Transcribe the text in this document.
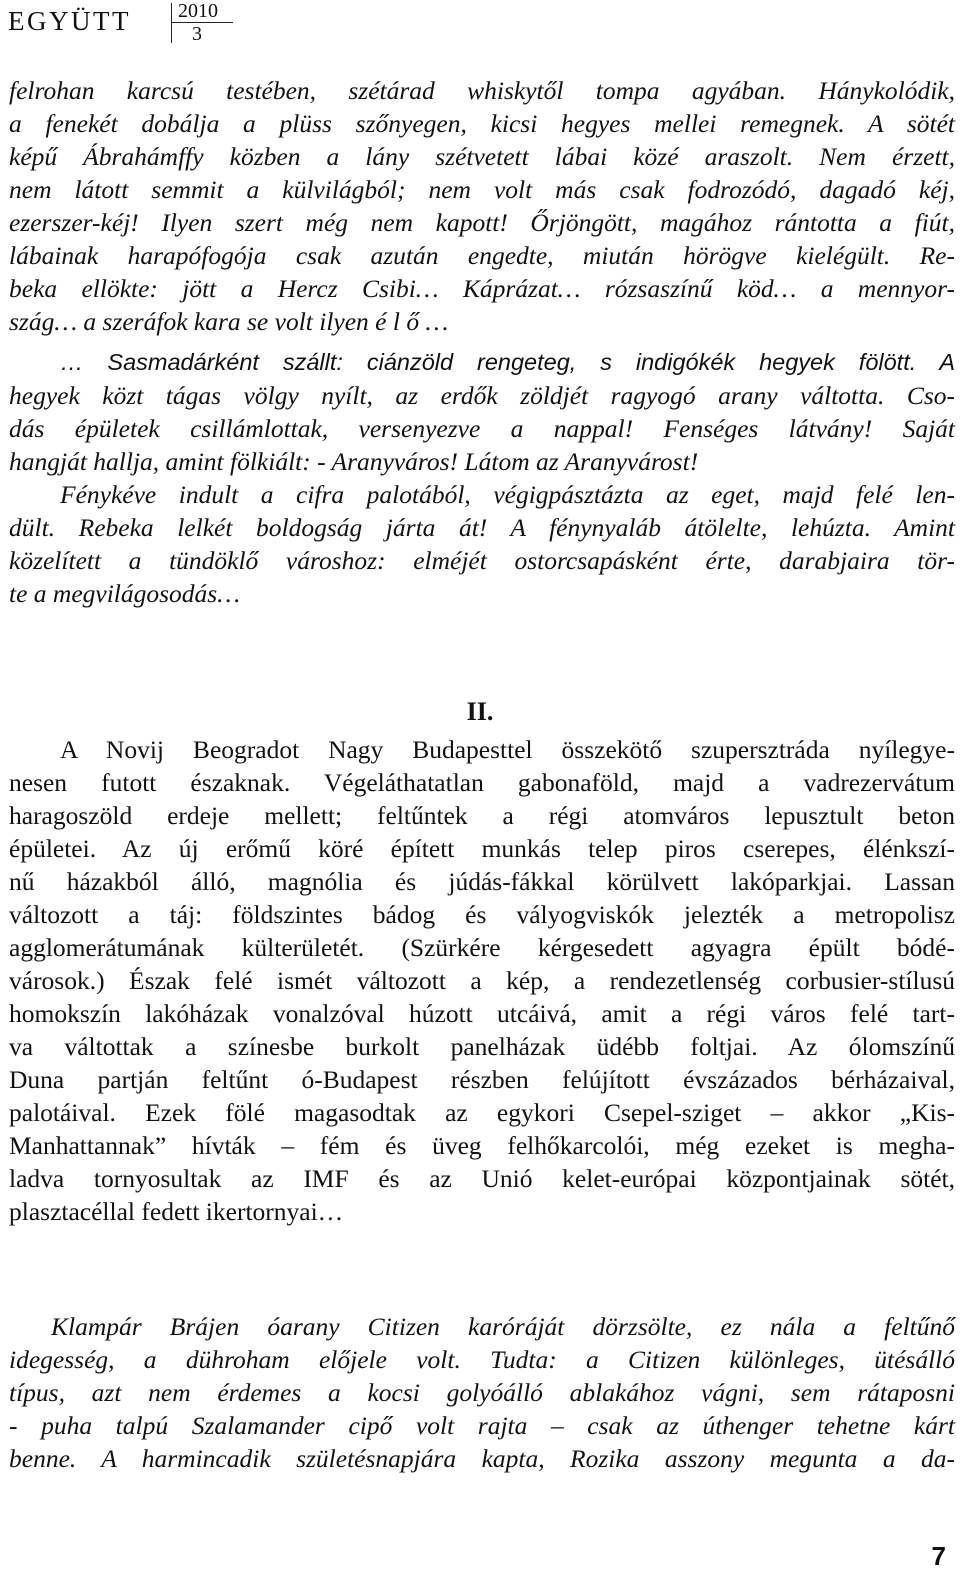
EGYÜTT 2010
3
felrohan karcsú testében, szétárad whiskytől tompa agyában. Hánykolódik,
a fenekét dobálja a plüss szőnyegen, kicsi hegyes mellei remegnek. A sötét
képű Ábrahámffy közben a lány szétvetett lábai közé araszolt. Nem érzett,
nem látott semmit a külvilágból; nem volt más csak fodrozódó, dagadó kéj,
ezerszer-kéj! Ilyen szert még nem kapott! Őrjöngött, magához rántotta a fiút,
lábainak harapófogója csak azután engedte, miután hörögve kielégült. Re-
beka ellökte: jött a Hercz Csibi… Káprázat… rózsaszínű köd… a mennyor-
szág… a szeráfok kara se volt ilyen é l ő …
… Sasmadárként szállt: ciánzöld rengeteg, s indigókék hegyek fölött. A
hegyek közt tágas völgy nyílt, az erdők zöldjét ragyogó arany váltotta. Cso-
dás épületek csillámlottak, versenyezve a nappal! Fenséges látvány! Saját
hangját hallja, amint fölkiált: - Aranyváros! Látom az Aranyvárost!
Fénykéve indult a cifra palotából, végigpásztázta az eget, majd felé len-
dült. Rebeka lelkét boldogság járta át! A fénynyaláb átölelte, lehúzta. Amint
közelített a tündöklő városhoz: elméjét ostorcsapásként érte, darabjaira tör-
te a megvilágosodás…
II.
A Novij Beogradot Nagy Budapesttel összekötő szupersztráda nyílegye-
nesen futott északnak. Végeláthatatlan gabonaföld, majd a vadrezervátum
haragoszöld erdeje mellett; feltűntek a régi atomváros lepusztult beton
épületei. Az új erőmű köré épített munkás telep piros cserepes, élénkszí-
nű házakból álló, magnólia és júdás-fákkal körülvett lakóparkjai. Lassan
változott a táj: földszintes bádog és vályogviskók jelezték a metropolisz
agglomerátumának külterületét. (Szürkére kérgesedett agyagra épült bódé-
városok.) Észak felé ismét változott a kép, a rendezetlenség corbusier-stílusú
homokszín lakóházak vonalzóval húzott utcáivá, amit a régi város felé tart-
va váltottak a színesbe burkolt panelházak üdébb foltjai. Az ólomszínű
Duna partján feltűnt ó-Budapest részben felújított évszázados bérházaival,
palotáival. Ezek fölé magasodtak az egykori Csepel-sziget – akkor „Kis-
Manhattannak” hívták – fém és üveg felhőkarcolói, még ezeket is megha-
ladva tornyosultak az IMF és az Unió kelet-európai központjainak sötét,
plasztacéllal fedett ikertornyai…
Klampár Brájen óarany Citizen karóráját dörzsölte, ez nála a feltűnő
idegesség, a dühroham előjele volt. Tudta: a Citizen különleges, ütésálló
típus, azt nem érdemes a kocsi golyóálló ablakához vágni, sem rátaposni
- puha talpú Szalamander cipő volt rajta – csak az úthenger tehetne kárt
benne. A harmincadik születésnapjára kapta, Rozika asszony megunta a da-
7
